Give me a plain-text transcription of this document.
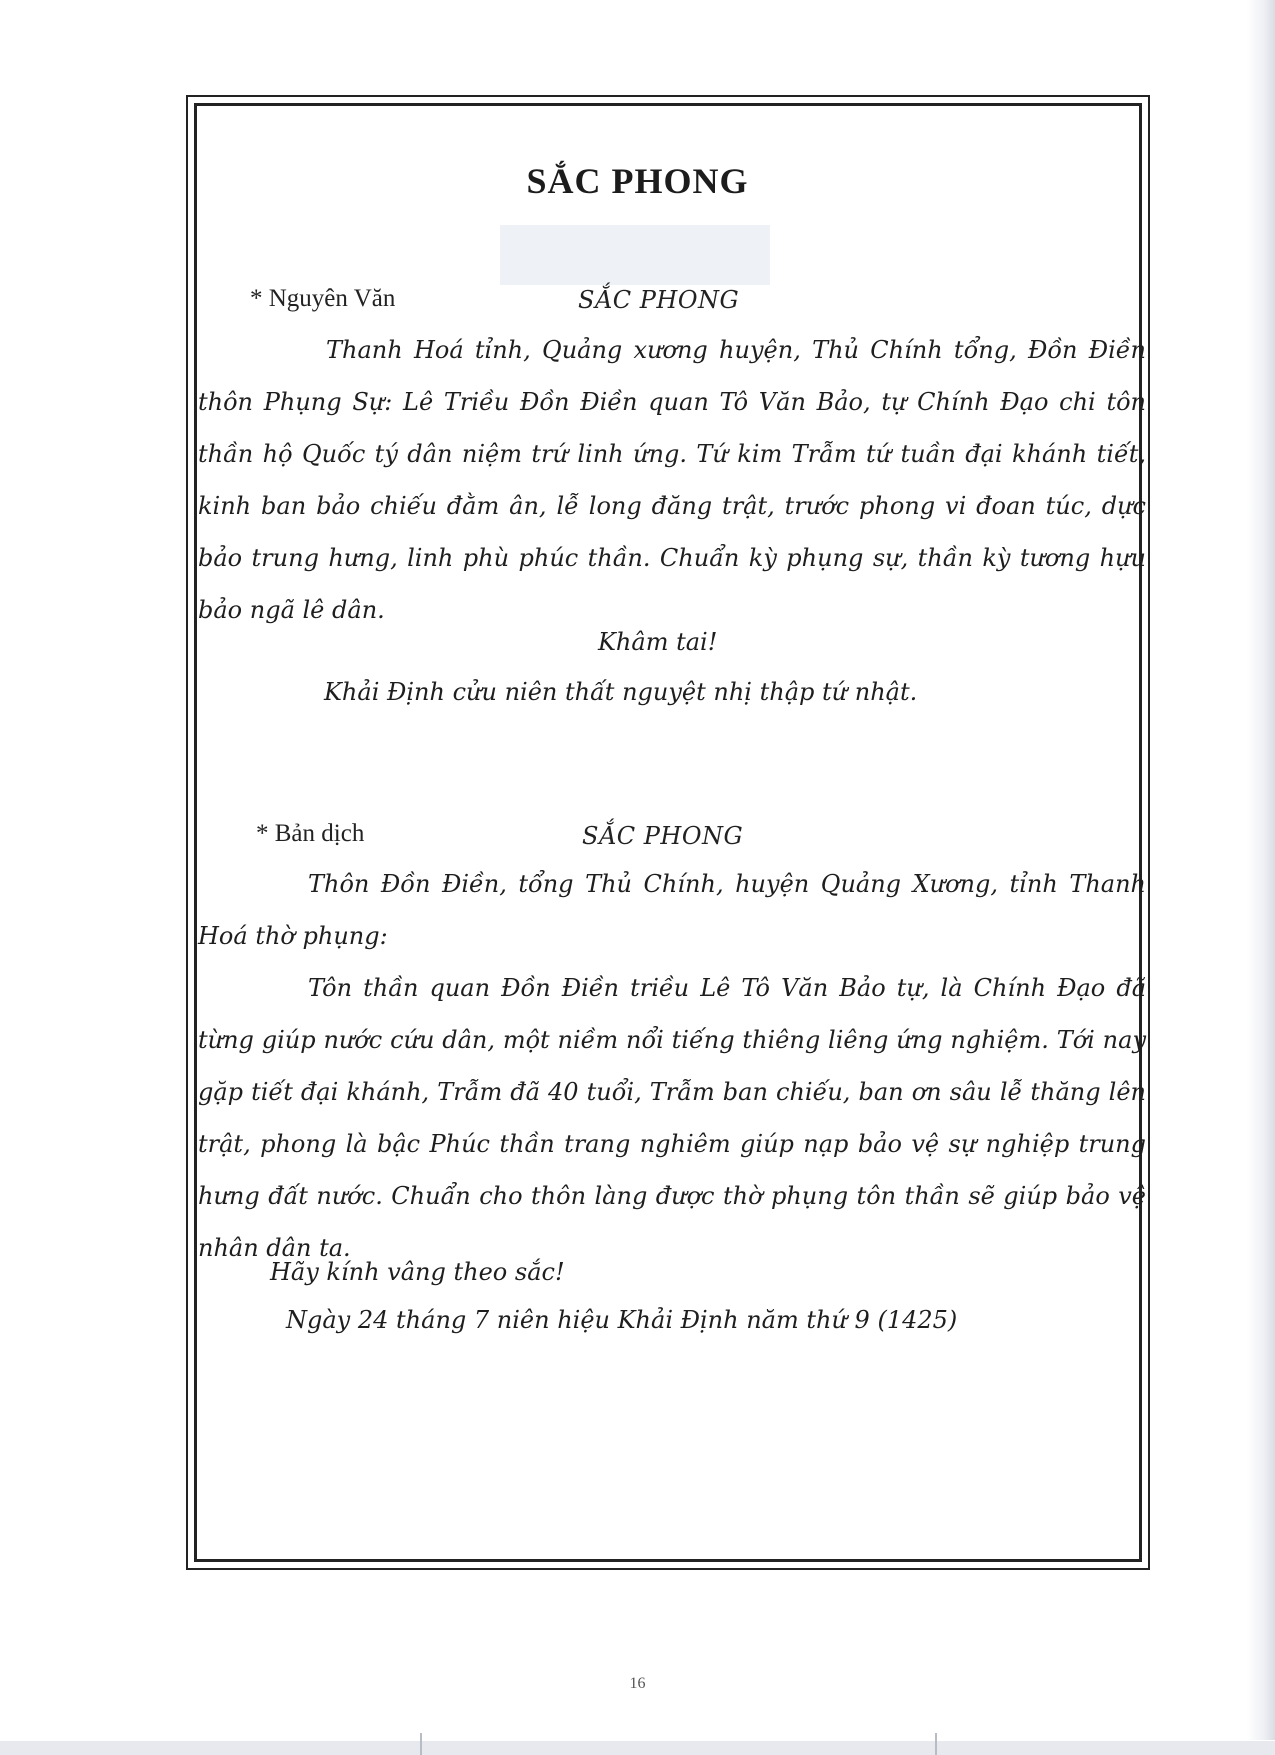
SẮC PHONG
* Nguyên Văn	SẮC PHONG
Thanh Hoá tỉnh, Quảng xương huyện, Thủ Chính tổng, Đồn Điền thôn Phụng Sự: Lê Triều Đồn Điền quan Tô Văn Bảo, tự Chính Đạo chi tôn thần hộ Quốc tý dân niệm trứ linh ứng. Tứ kim Trẫm tứ tuần đại khánh tiết, kinh ban bảo chiếu đằm ân, lễ long đăng trật, trước phong vi đoan túc, dực bảo trung hưng, linh phù phúc thần. Chuẩn kỳ phụng sự, thần kỳ tương hựu bảo ngã lê dân.
Khâm tai!
Khải Định cửu niên thất nguyệt nhị thập tứ nhật.
* Bản dịch	SẮC PHONG
Thôn Đồn Điền, tổng Thủ Chính, huyện Quảng Xương, tỉnh Thanh Hoá thờ phụng:
Tôn thần quan Đồn Điền triều Lê Tô Văn Bảo tự, là Chính Đạo đã từng giúp nước cứu dân, một niềm nổi tiếng thiêng liêng ứng nghiệm. Tới nay gặp tiết đại khánh, Trẫm đã 40 tuổi, Trẫm ban chiếu, ban ơn sâu lễ thăng lên trật, phong là bậc Phúc thần trang nghiêm giúp nạp bảo vệ sự nghiệp trung hưng đất nước. Chuẩn cho thôn làng được thờ phụng tôn thần sẽ giúp bảo vệ nhân dân ta.
Hãy kính vâng theo sắc!
Ngày 24 tháng 7 niên hiệu Khải Định năm thứ 9 (1425)
16
